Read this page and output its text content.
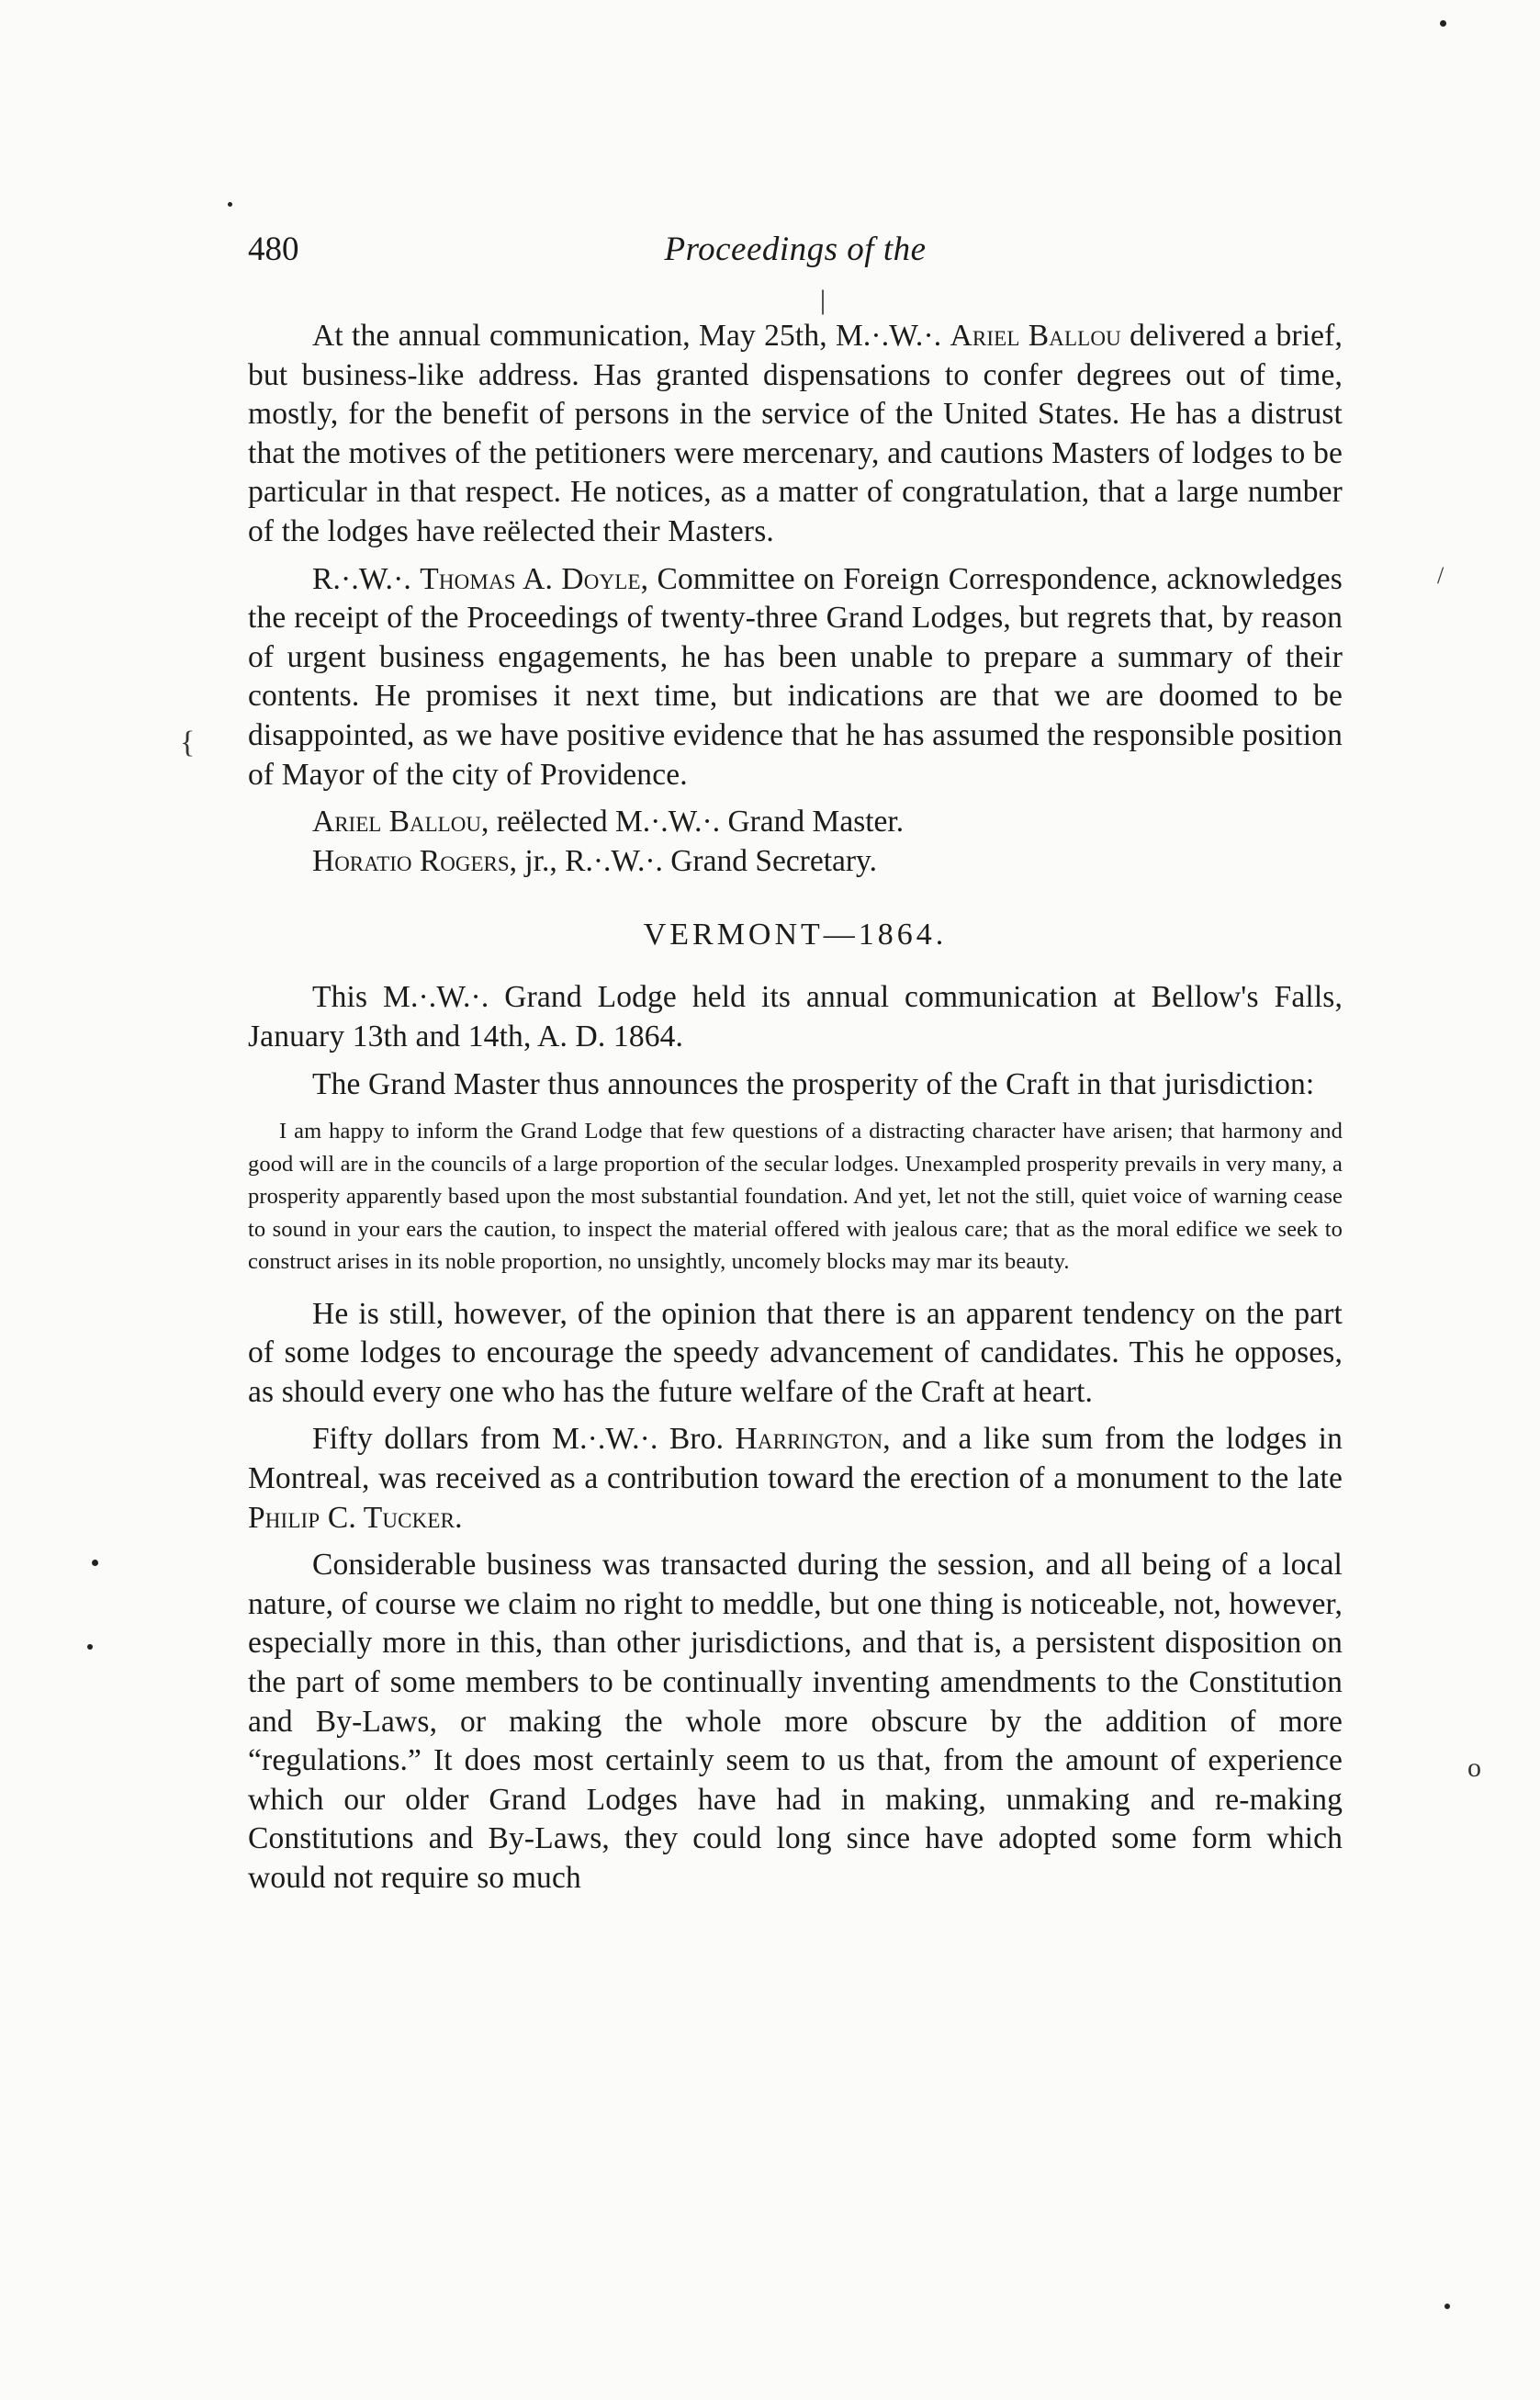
{
o
/
480	Proceedings of the
|

At the annual communication, May 25th, M.·.W.·. Ariel Ballou delivered a brief, but business-like address. Has granted dispensations to confer degrees out of time, mostly, for the benefit of persons in the service of the United States. He has a distrust that the motives of the petitioners were mercenary, and cautions Masters of lodges to be particular in that respect. He notices, as a matter of congratulation, that a large number of the lodges have reëlected their Masters.

R.·.W.·. Thomas A. Doyle, Committee on Foreign Correspondence, acknowledges the receipt of the Proceedings of twenty-three Grand Lodges, but regrets that, by reason of urgent business engagements, he has been unable to prepare a summary of their contents. He promises it next time, but indications are that we are doomed to be disappointed, as we have positive evidence that he has assumed the responsible position of Mayor of the city of Providence.

Ariel Ballou, reëlected M.·.W.·. Grand Master.

Horatio Rogers, jr., R.·.W.·. Grand Secretary.

VERMONT—1864.

This M.·.W.·. Grand Lodge held its annual communication at Bellow's Falls, January 13th and 14th, A. D. 1864.

The Grand Master thus announces the prosperity of the Craft in that jurisdiction:

I am happy to inform the Grand Lodge that few questions of a distracting character have arisen; that harmony and good will are in the councils of a large proportion of the secular lodges. Unexampled prosperity prevails in very many, a prosperity apparently based upon the most substantial foundation. And yet, let not the still, quiet voice of warning cease to sound in your ears the caution, to inspect the material offered with jealous care; that as the moral edifice we seek to construct arises in its noble proportion, no unsightly, uncomely blocks may mar its beauty.

He is still, however, of the opinion that there is an apparent tendency on the part of some lodges to encourage the speedy advancement of candidates. This he opposes, as should every one who has the future welfare of the Craft at heart.

Fifty dollars from M.·.W.·. Bro. Harrington, and a like sum from the lodges in Montreal, was received as a contribution toward the erection of a monument to the late Philip C. Tucker.

Considerable business was transacted during the session, and all being of a local nature, of course we claim no right to meddle, but one thing is noticeable, not, however, especially more in this, than other jurisdictions, and that is, a persistent disposition on the part of some members to be continually inventing amendments to the Constitution and By-Laws, or making the whole more obscure by the addition of more “regulations.” It does most certainly seem to us that, from the amount of experience which our older Grand Lodges have had in making, unmaking and re-making Constitutions and By-Laws, they could long since have adopted some form which would not require so much
